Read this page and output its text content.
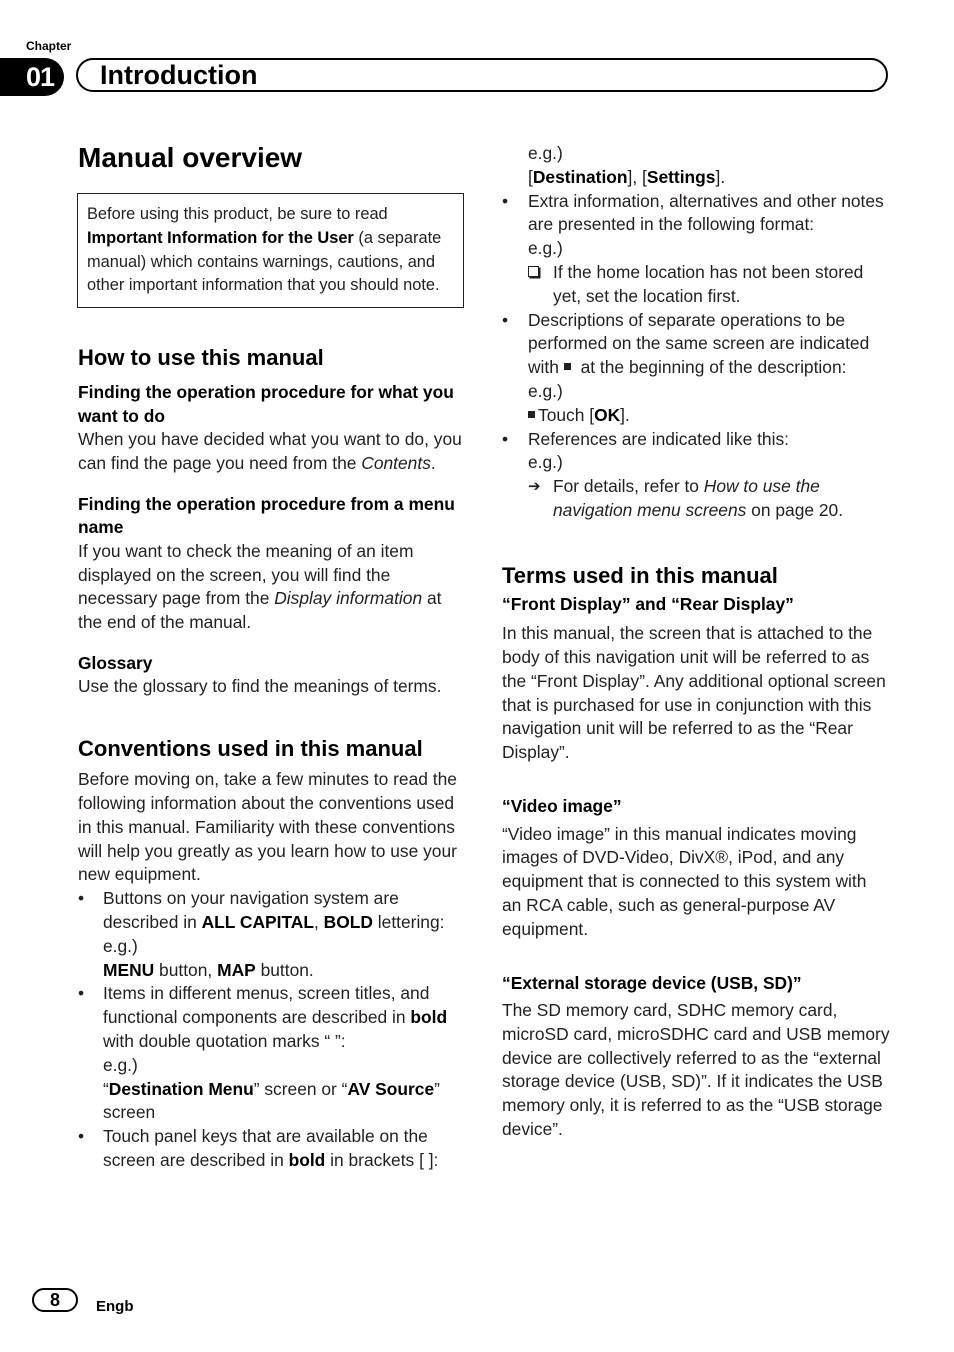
Chapter
01	Introduction
Manual overview
Before using this product, be sure to read Important Information for the User (a separate manual) which contains warnings, cautions, and other important information that you should note.
How to use this manual
Finding the operation procedure for what you want to do

When you have decided what you want to do, you can find the page you need from the Contents.

Finding the operation procedure from a menu name

If you want to check the meaning of an item displayed on the screen, you will find the necessary page from the Display information at the end of the manual.

Glossary

Use the glossary to find the meanings of terms.

Conventions used in this manual

Before moving on, take a few minutes to read the following information about the conventions used in this manual. Familiarity with these conventions will help you greatly as you learn how to use your new equipment.

•	Buttons on your navigation system are described in ALL CAPITAL, BOLD lettering:
e.g.)
MENU button, MAP button.
•	Items in different menus, screen titles, and functional components are described in bold with double quotation marks “ ”:
e.g.)
“Destination Menu” screen or “AV Source” screen
•	Touch panel keys that are available on the screen are described in bold in brackets [ ]:
e.g.)
[Destination], [Settings].
•	Extra information, alternatives and other notes are presented in the following format:
e.g.)
If the home location has not been stored yet, set the location first.
•	Descriptions of separate operations to be performed on the same screen are indicated with  at the beginning of the description:
e.g.)
Touch [OK].
•	References are indicated like this:
e.g.)
➔ For details, refer to How to use the navigation menu screens on page 20.
Terms used in this manual
“Front Display” and “Rear Display”

In this manual, the screen that is attached to the body of this navigation unit will be referred to as the “Front Display”. Any additional optional screen that is purchased for use in conjunction with this navigation unit will be referred to as the “Rear Display”.

“Video image”

“Video image” in this manual indicates moving images of DVD-Video, DivX®, iPod, and any equipment that is connected to this system with an RCA cable, such as general-purpose AV equipment.

“External storage device (USB, SD)”

The SD memory card, SDHC memory card, microSD card, microSDHC card and USB memory device are collectively referred to as the “external storage device (USB, SD)”. If it indicates the USB memory only, it is referred to as the “USB storage device”.

8	Engb
